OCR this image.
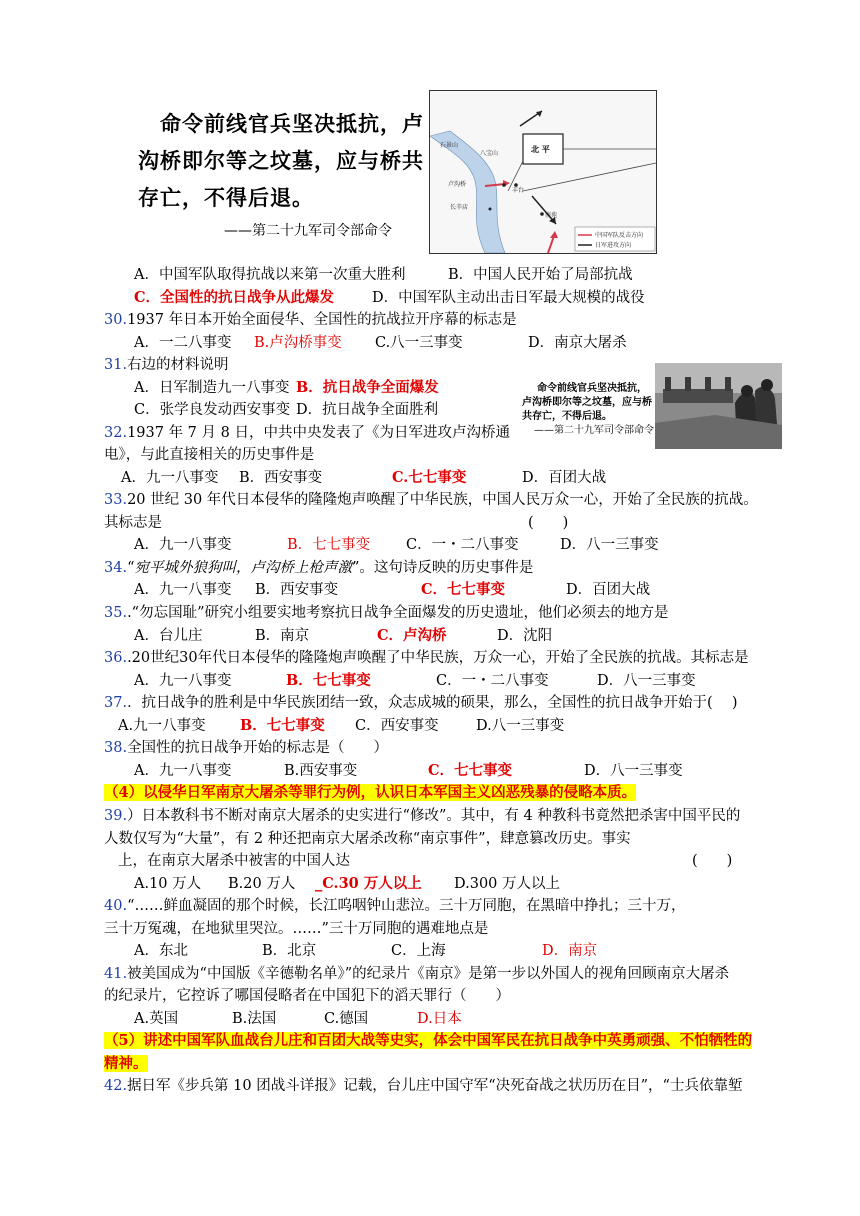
命令前线官兵坚决抵抗，卢
沟桥即尔等之坟墓，应与桥共
存亡，不得后退。
——第二十九军司令部命令
石景山
八宝山	北 平
卢沟桥
丰台
长辛店
南苑
中国军队反击方向
日军进攻方向
A．中国军队取得抗战以来第一次重大胜利	B．中国人民开始了局部抗战
C．全国性的抗日战争从此爆发	D．中国军队主动出击日军最大规模的战役
30.1937 年日本开始全面侵华、全国性的抗战拉开序幕的标志是
A．一二八事变 B.卢沟桥事变 C.八一三事变	D．南京大屠杀
31.右边的材料说明
A．日军制造九一八事变 B．抗日战争全面爆发
C．张学良发动西安事变 D．抗日战争全面胜利
命令前线官兵坚决抵抗，
卢沟桥即尔等之坟墓，应与桥
共存亡，不得后退。
——第二十九军司令部命令
32.1937 年 7 月 8 日，中共中央发表了《为日军进攻卢沟桥通
电》，与此直接相关的历史事件是
A．九一八事变 B．西安事变	C.七七事变	D．百团大战
33.20 世纪 30 年代日本侵华的隆隆炮声唤醒了中华民族，中国人民万众一心，开始了全民族的抗战。
其标志是	(　　)
A．九一八事变	B．七七事变 C．一・二八事变	D．八一三事变
34.“宛平城外狼狗叫，卢沟桥上枪声激”。这句诗反映的历史事件是
A．九一八事变 B．西安事变	C．七七事变	D．百团大战
35..“勿忘国耻”研究小组要实地考察抗日战争全面爆发的历史遗址，他们必须去的地方是
A．台儿庄	B．南京	C．卢沟桥	D．沈阳
36..20世纪30年代日本侵华的隆隆炮声唤醒了中华民族，万众一心，开始了全民族的抗战。其标志是
A．九一八事变	B．七七事变	C．一・二八事变	D．八一三事变
37.．抗日战争的胜利是中华民族团结一致，众志成城的硕果，那么，全国性的抗日战争开始于(　 )
A.九一八事变 B．七七事变 C．西安事变	D.八一三事变
38.全国性的抗日战争开始的标志是（　　）
A．九一八事变	B.西安事变	C．七七事变	D．八一三事变
（4）以侵华日军南京大屠杀等罪行为例，认识日本军国主义凶恶残暴的侵略本质。
39.）日本教科书不断对南京大屠杀的史实进行“修改”。其中，有 4 种教科书竟然把杀害中国平民的
人数仅写为“大量”，有 2 种还把南京大屠杀改称“南京事件”，肆意篡改历史。事实
上，在南京大屠杀中被害的中国人达	(　　)
A.10 万人 B.20 万人 _C.30 万人以上 D.300 万人以上
40.“……鲜血凝固的那个时候，长江呜咽钟山悲泣。三十万同胞，在黑暗中挣扎；三十万，
三十万冤魂，在地狱里哭泣。……”三十万同胞的遇难地点是
A．东北	B．北京	C．上海	D．南京
41.被美国成为“中国版《辛德勒名单》”的纪录片《南京》是第一步以外国人的视角回顾南京大屠杀
的纪录片，它控诉了哪国侵略者在中国犯下的滔天罪行（　　）
A.英国	B.法国	C.德国	D.日本
（5）讲述中国军队血战台儿庄和百团大战等史实，体会中国军民在抗日战争中英勇顽强、不怕牺牲的
精神。
42.据日军《步兵第 10 团战斗详报》记载，台儿庄中国守军“决死奋战之状历历在目”，“士兵依靠堑
